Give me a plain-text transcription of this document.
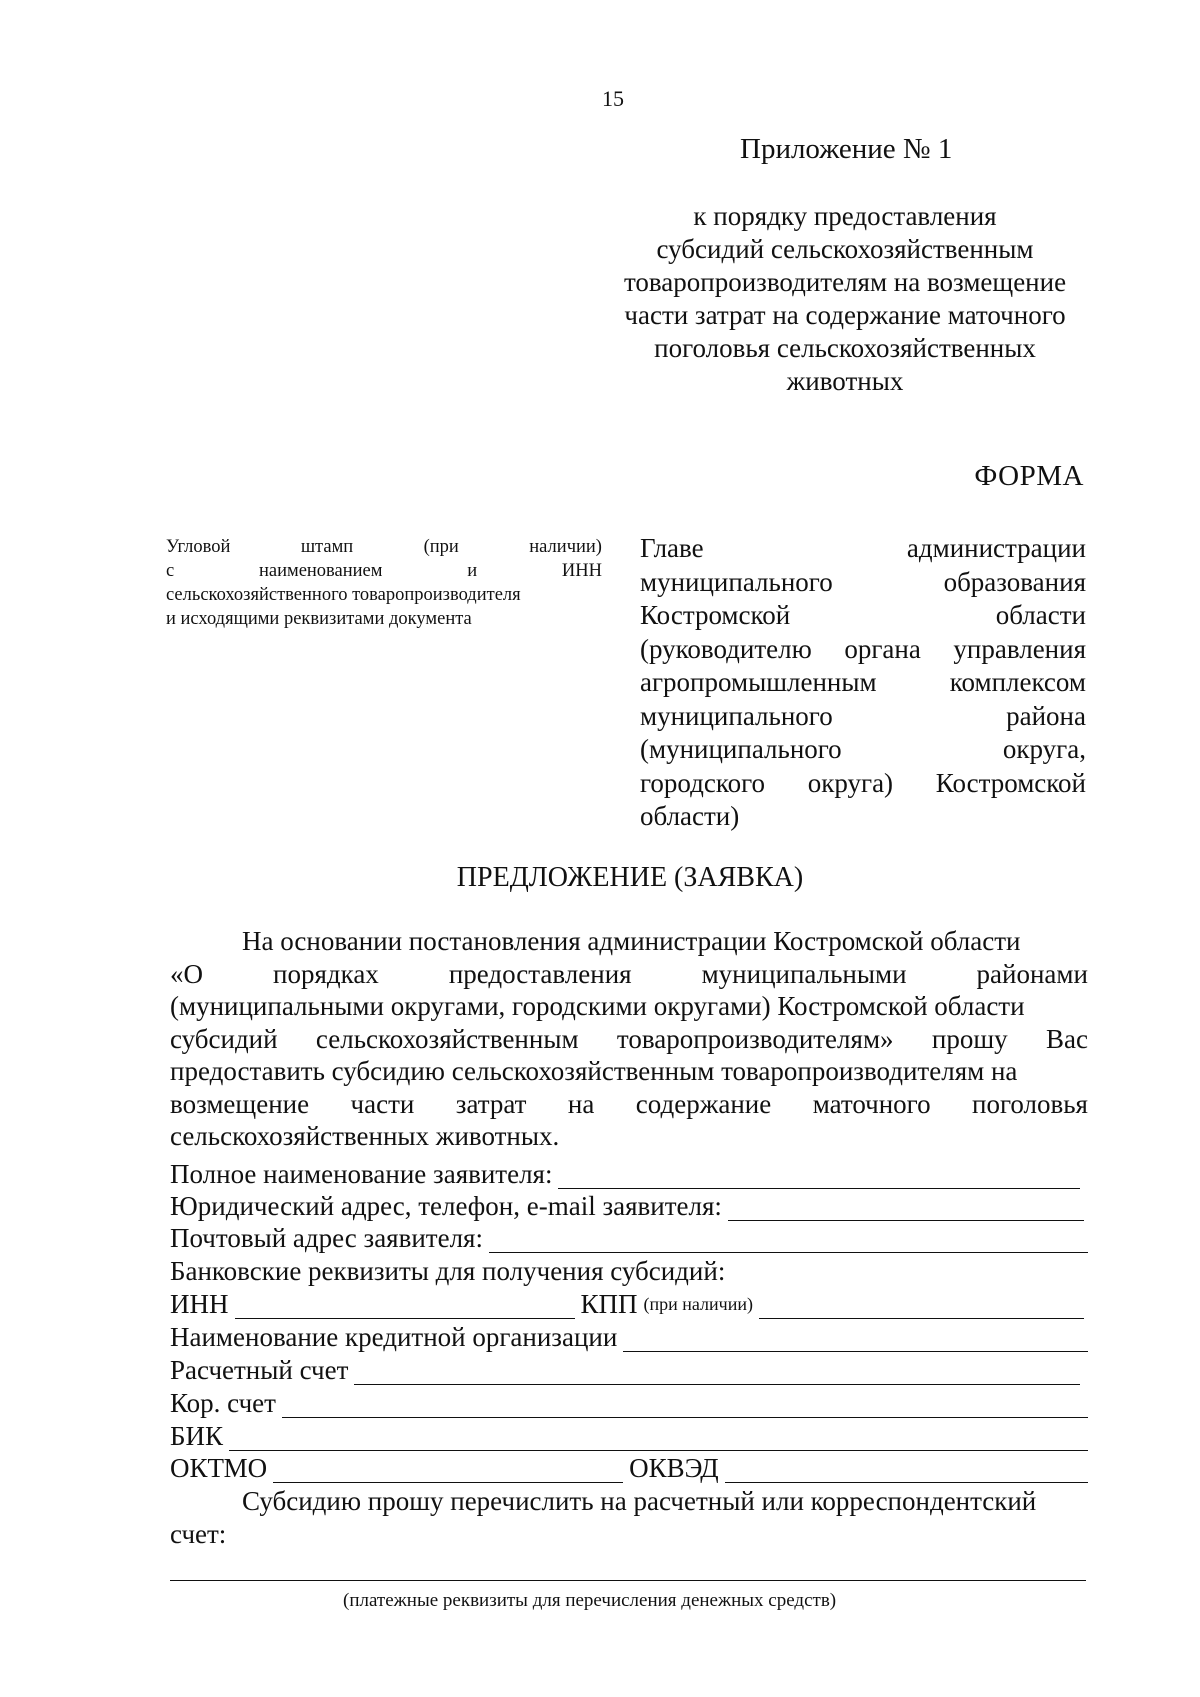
15
Приложение № 1
к порядку предоставления
субсидий сельскохозяйственным
товаропроизводителям на возмещение
части затрат на содержание маточного
поголовья сельскохозяйственных
животных
ФОРМА
Угловой	штамп	(при	наличии)
с	наименованием	и	ИНН
сельскохозяйственного товаропроизводителя
и исходящими реквизитами документа
Главе	администрации
муниципального	образования
Костромской	области
(руководителю органа управления
агропромышленным	комплексом
муниципального	района
(муниципального	округа,
городского округа) Костромской
области)
ПРЕДЛОЖЕНИЕ (ЗАЯВКА)
На основании постановления администрации Костромской области
«О	порядках	предоставления	муниципальными	районами
(муниципальными округами, городскими округами) Костромской области
субсидий сельскохозяйственным товаропроизводителям» прошу Вас
предоставить субсидию сельскохозяйственным товаропроизводителям на
возмещение части затрат на содержание маточного поголовья
сельскохозяйственных животных.
Полное наименование заявителя:
Юридический адрес, телефон, e-mail заявителя:
Почтовый адрес заявителя:
Банковские реквизиты для получения субсидий:
ИНН	КПП (при наличии)
Наименование кредитной организации
Расчетный счет
Кор. счет
БИК
ОКТМО	ОКВЭД
Субсидию прошу перечислить на расчетный или корреспондентский
счет:
(платежные реквизиты для перечисления денежных средств)
